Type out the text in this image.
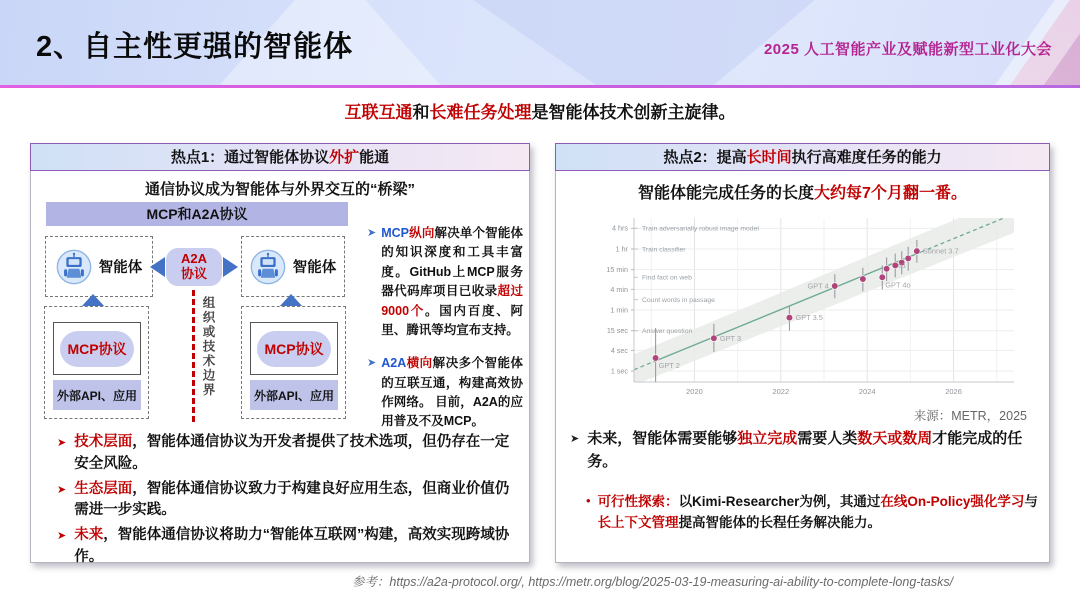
2、自主性更强的智能体	2025 人工智能产业及赋能新型工业化大会
互联互通和长难任务处理是智能体技术创新主旋律。
热点1：通过智能体协议外扩能通
通信协议成为智能体与外界交互的“桥梁”
MCP和A2A协议
智能体	智能体
A2A
协议
组织或技术边界
MCP协议
外部API、应用
MCP协议
外部API、应用
➤ MCP纵向解决单个智能体的知识深度和工具丰富度。GitHub上MCP服务器代码库项目已收录超过9000个。国内百度、阿里、腾讯等均宣布支持。
➤ A2A横向解决多个智能体的互联互通，构建高效协作网络。 目前，A2A的应用普及不及MCP。
➤ 技术层面，智能体通信协议为开发者提供了技术选项，但仍存在一定安全风险。
➤ 生态层面，智能体通信协议致力于构建良好应用生态，但商业价值仍需进一步实践。
➤ 未来，智能体通信协议将助力“智能体互联网”构建，高效实现跨域协作。
热点2：提高长时间执行高难度任务的能力
智能体能完成任务的长度大约每7个月翻一番。
1 sec
4 sec
15 sec
1 min
4 min
15 min
1 hr
4 hrs Train adversarially robust image model
Train classifier
Find fact on web
Count words in passage
Answer question
2020	2022	2024	2026
GPT 2
GPT 3
GPT 3.5
GPT 4	GPT 4o
o1
Sonnet 3.7
来源：METR，2025
➤ 未来，智能体需要能够独立完成需要人类数天或数周才能完成的任务。
• 可行性探索：以Kimi-Researcher为例，其通过在线On-Policy强化学习与长上下文管理提高智能体的长程任务解决能力。
参考：https://a2a-protocol.org/, https://metr.org/blog/2025-03-19-measuring-ai-ability-to-complete-long-tasks/
